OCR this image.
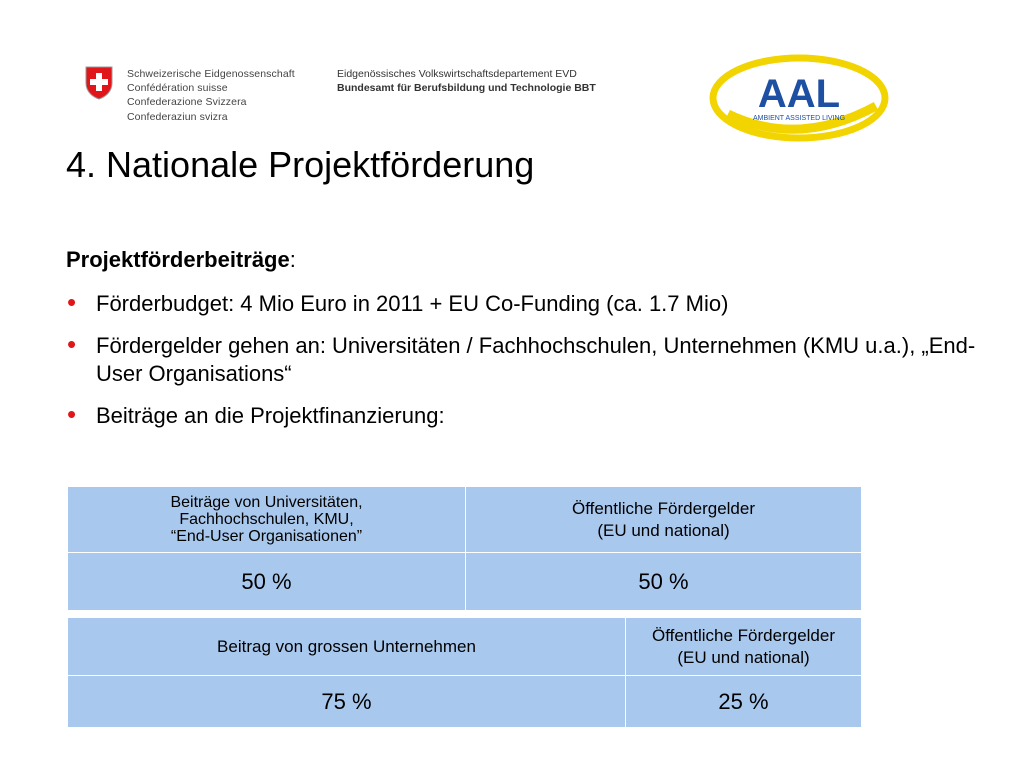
Schweizerische Eidgenossenschaft
Confédération suisse
Confederazione Svizzera
Confederaziun svizra
Eidgenössisches Volkswirtschaftsdepartement EVD
Bundesamt für Berufsbildung und Technologie BBT	AAL
AMBIENT ASSISTED LIVING
4. Nationale Projektförderung
Projektförderbeiträge:
• Förderbudget: 4 Mio Euro in 2011 + EU Co-Funding (ca. 1.7 Mio)
• Fördergelder gehen an: Universitäten / Fachhochschulen, Unternehmen (KMU u.a.), „End-User Organisations“
• Beiträge an die Projektfinanzierung:
Beiträge von Universitäten,
Fachhochschulen, KMU,
“End-User Organisationen”	Öffentliche Fördergelder
(EU und national)
50 %	50 %
Beitrag von grossen Unternehmen	Öffentliche Fördergelder
(EU und national)
75 %	25 %
